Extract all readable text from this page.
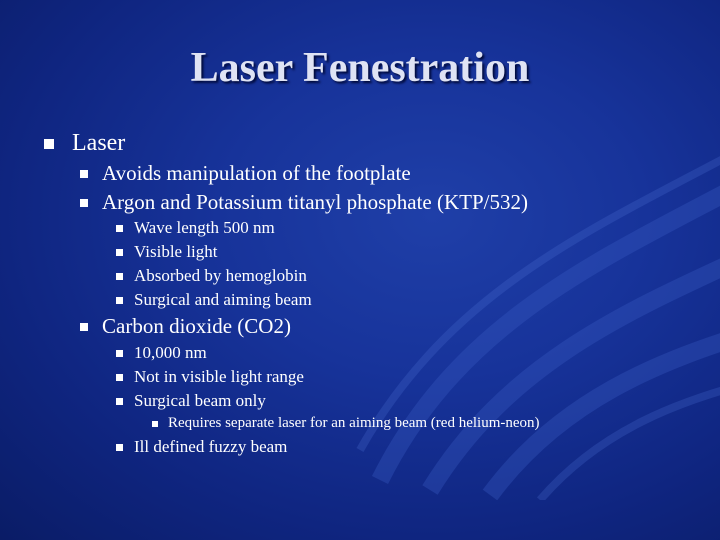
Laser Fenestration
Laser
Avoids manipulation of the footplate
Argon and Potassium titanyl phosphate (KTP/532)
Wave length 500 nm
Visible light
Absorbed by hemoglobin
Surgical and aiming beam
Carbon dioxide (CO2)
10,000 nm
Not in visible light range
Surgical beam only
Requires separate laser for an aiming beam (red helium-neon)
Ill defined fuzzy beam
